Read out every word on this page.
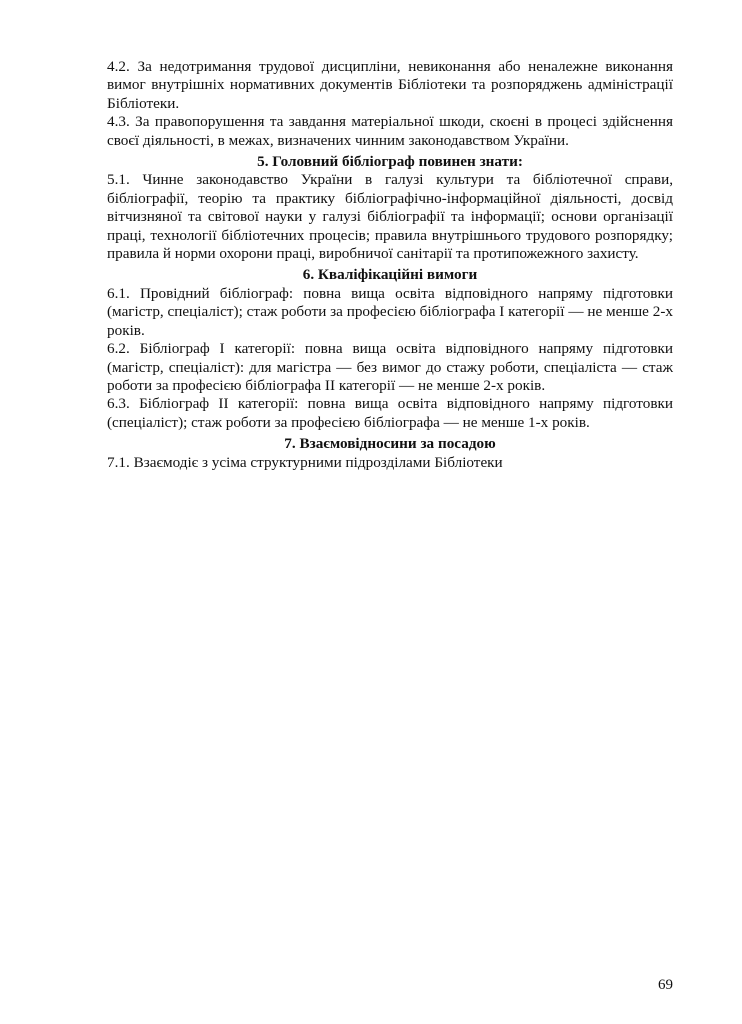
4.2. За недотримання трудової дисципліни, невиконання або неналежне виконання вимог внутрішніх нормативних документів Бібліотеки та розпоряджень адміністрації Бібліотеки.

4.3. За правопорушення та завдання матеріальної шкоди, скоєні в процесі здійснення своєї діяльності, в межах, визначених чинним законодавством України.

5. Головний бібліограф повинен знати:

5.1. Чинне законодавство України в галузі культури та бібліотечної справи, бібліографії, теорію та практику бібліографічно-інформаційної діяльності, досвід вітчизняної та світової науки у галузі бібліографії та інформації; основи організації праці, технології бібліотечних процесів; правила внутрішнього трудового розпорядку; правила й норми охорони праці, виробничої санітарії та протипожежного захисту.

6. Кваліфікаційні вимоги

6.1. Провідний бібліограф: повна вища освіта відповідного напряму підготовки (магістр, спеціаліст); стаж роботи за професією бібліографа I категорії — не менше 2-х років.

6.2. Бібліограф I категорії: повна вища освіта відповідного напряму підготовки (магістр, спеціаліст): для магістра — без вимог до стажу роботи, спеціаліста — стаж роботи за професією бібліографа II категорії — не менше 2-х років.

6.3. Бібліограф II категорії: повна вища освіта відповідного напряму підготовки (спеціаліст); стаж роботи за професією бібліографа — не менше 1-х років.

7. Взаємовідносини за посадою

7.1. Взаємодіє з усіма структурними підрозділами Бібліотеки

69
